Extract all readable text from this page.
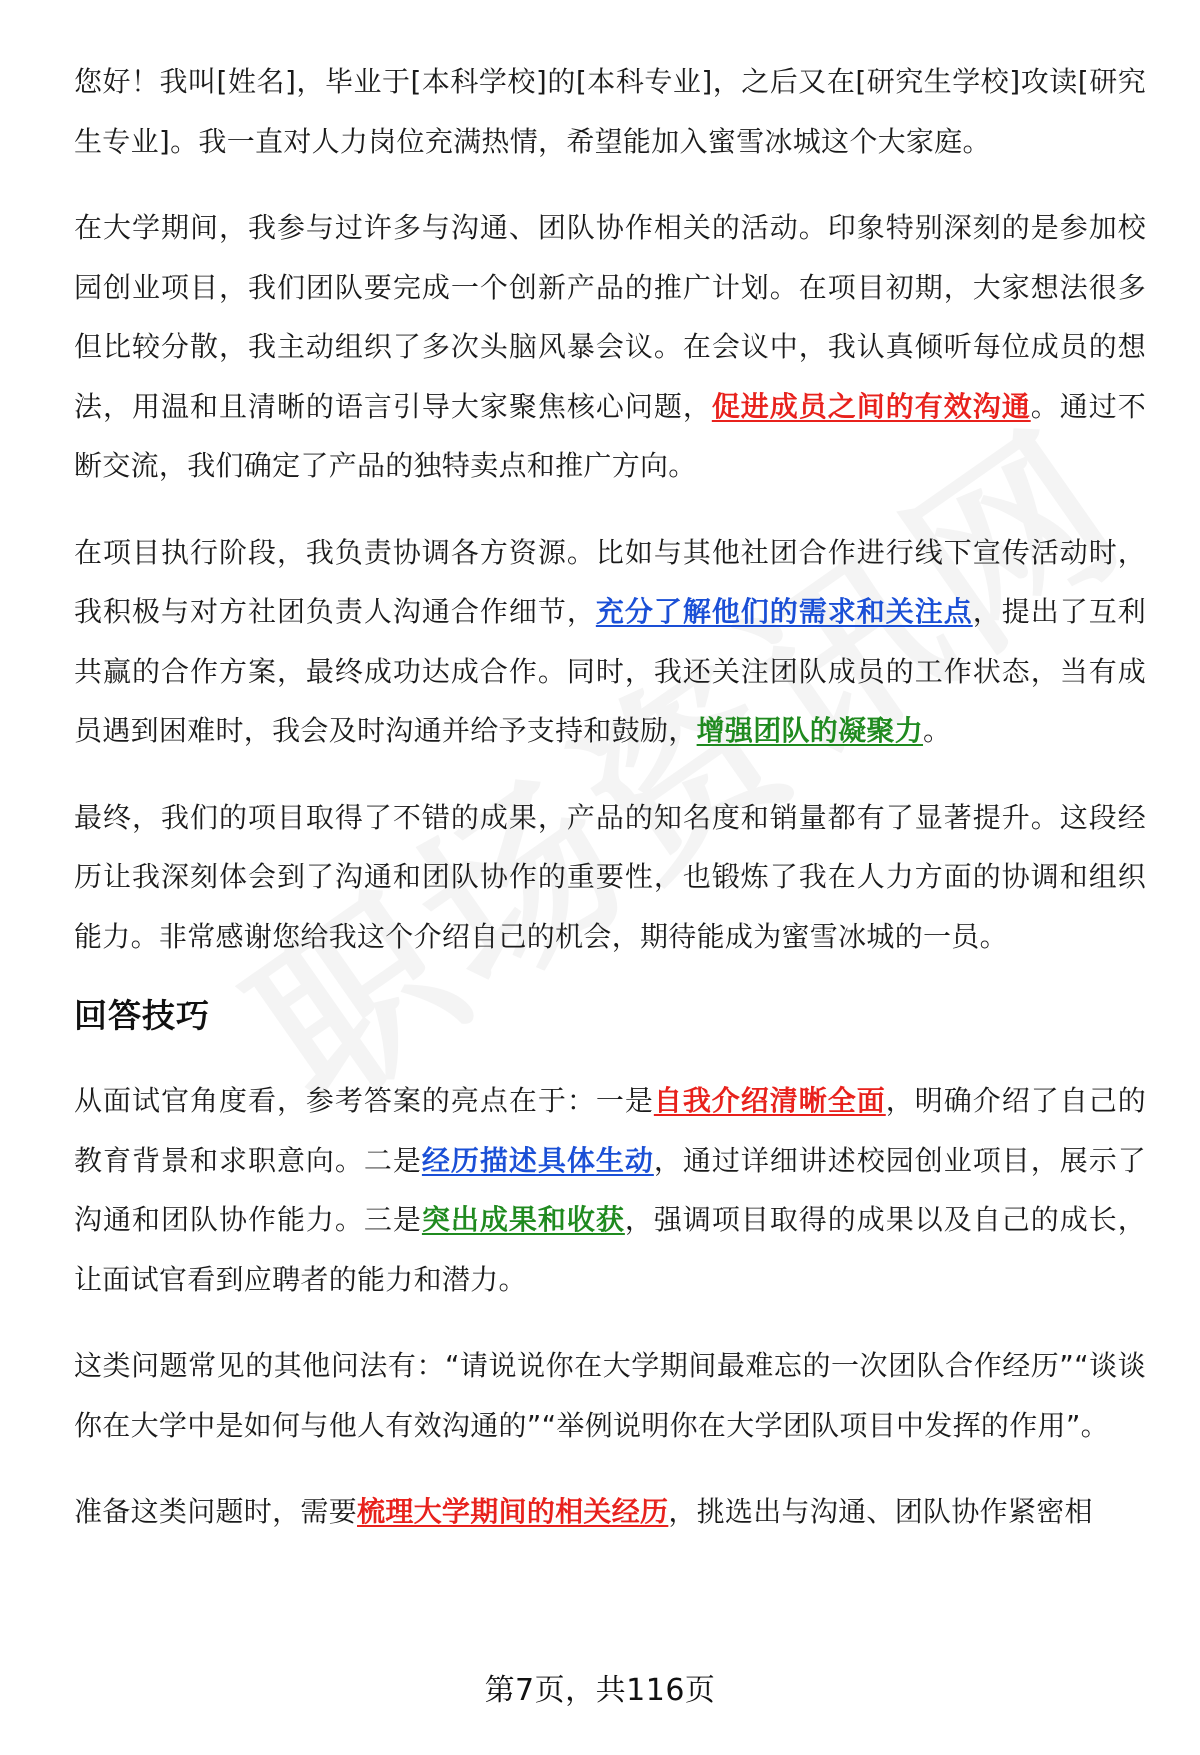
您好！我叫[姓名]，毕业于[本科学校]的[本科专业]，之后又在[研究生学校]攻读[研究生专业]。我一直对人力岗位充满热情，希望能加入蜜雪冰城这个大家庭。

在大学期间，我参与过许多与沟通、团队协作相关的活动。印象特别深刻的是参加校园创业项目，我们团队要完成一个创新产品的推广计划。在项目初期，大家想法很多但比较分散，我主动组织了多次头脑风暴会议。在会议中，我认真倾听每位成员的想法，用温和且清晰的语言引导大家聚焦核心问题，促进成员之间的有效沟通。通过不断交流，我们确定了产品的独特卖点和推广方向。

在项目执行阶段，我负责协调各方资源。比如与其他社团合作进行线下宣传活动时，我积极与对方社团负责人沟通合作细节，充分了解他们的需求和关注点，提出了互利共赢的合作方案，最终成功达成合作。同时，我还关注团队成员的工作状态，当有成员遇到困难时，我会及时沟通并给予支持和鼓励，增强团队的凝聚力。

最终，我们的项目取得了不错的成果，产品的知名度和销量都有了显著提升。这段经历让我深刻体会到了沟通和团队协作的重要性，也锻炼了我在人力方面的协调和组织能力。非常感谢您给我这个介绍自己的机会，期待能成为蜜雪冰城的一员。

回答技巧

从面试官角度看，参考答案的亮点在于：一是自我介绍清晰全面，明确介绍了自己的教育背景和求职意向。二是经历描述具体生动，通过详细讲述校园创业项目，展示了沟通和团队协作能力。三是突出成果和收获，强调项目取得的成果以及自己的成长，让面试官看到应聘者的能力和潜力。

这类问题常见的其他问法有：“请说说你在大学期间最难忘的一次团队合作经历”“谈谈你在大学中是如何与他人有效沟通的”“举例说明你在大学团队项目中发挥的作用”。

准备这类问题时，需要梳理大学期间的相关经历，挑选出与沟通、团队协作紧密相

第7页，共116页
